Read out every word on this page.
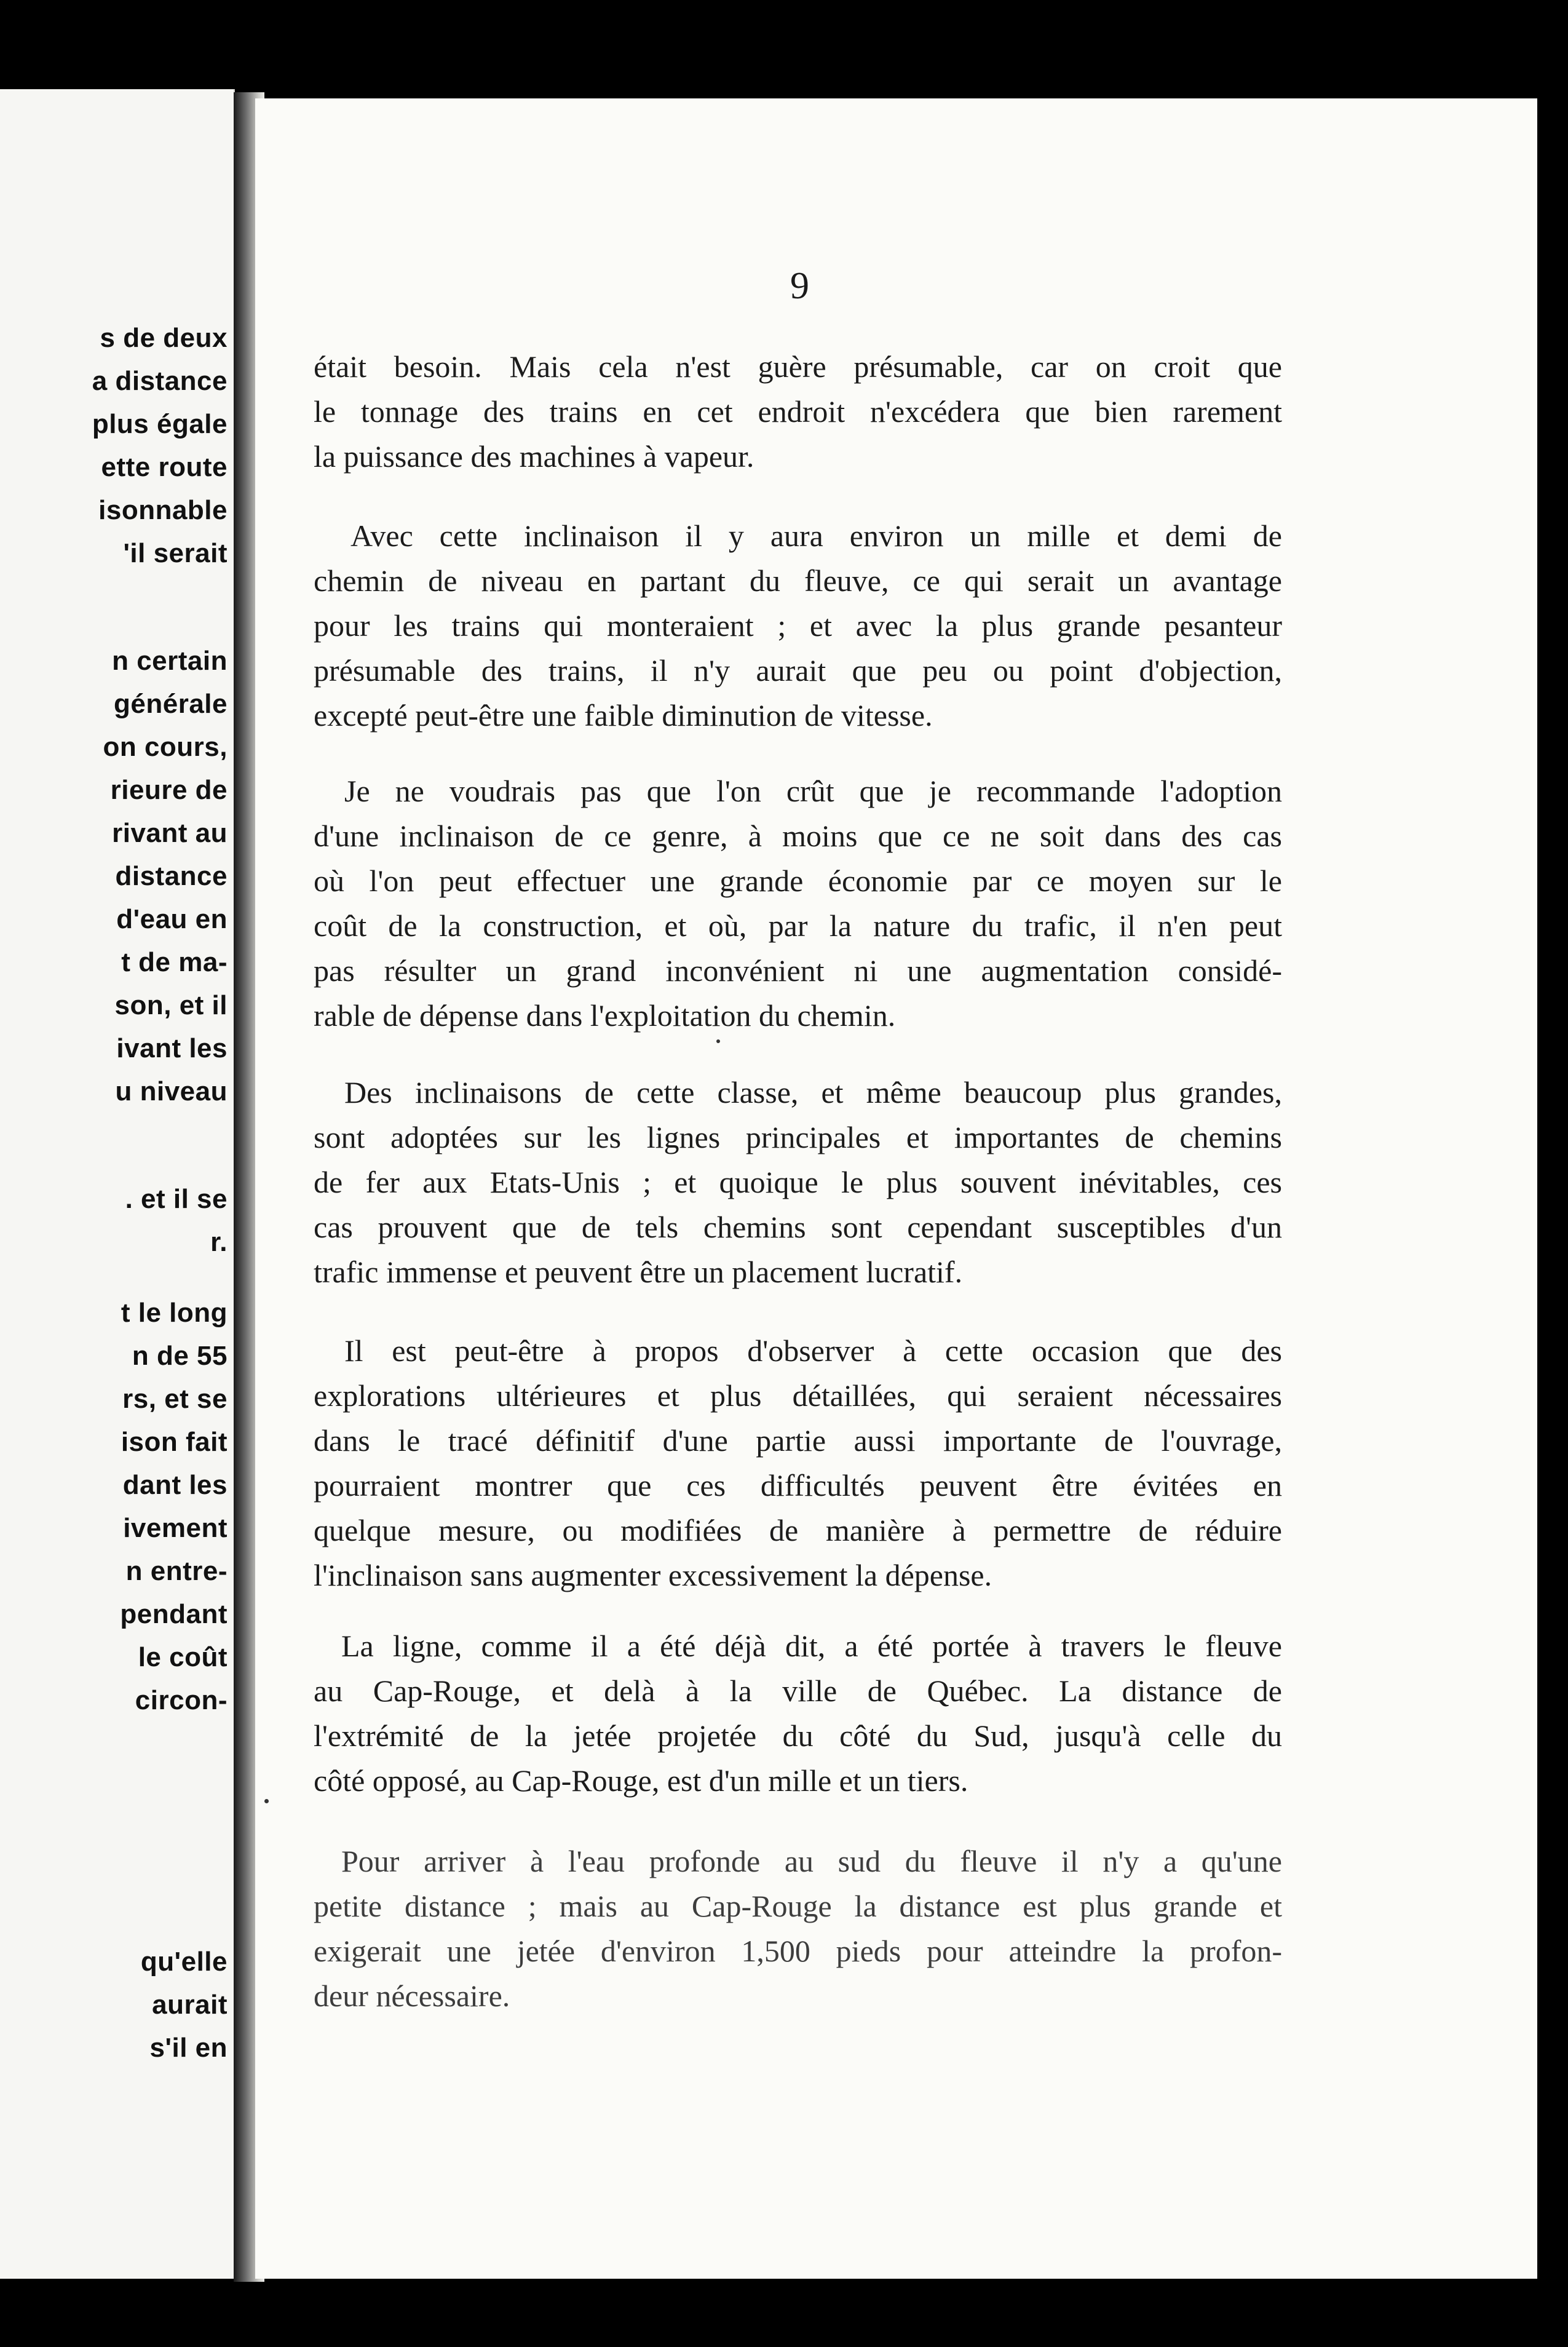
s de deux
a distance
plus égale
ette route
isonnable
'il serait
n certain
générale
on cours,
rieure de
rivant au
distance
d'eau en
t de ma-
son, et il
ivant les
u niveau
. et il se
r.
t le long
n de 55
rs, et se
ison fait
dant les
ivement
n entre-
pendant
le coût
circon-
qu'elle
aurait
s'il en
9

était besoin. Mais cela n'est guère présumable, car on croit que
le tonnage des trains en cet endroit n'excédera que bien rarement
la puissance des machines à vapeur.

Avec cette inclinaison il y aura environ un mille et demi de
chemin de niveau en partant du fleuve, ce qui serait un avantage
pour les trains qui monteraient ; et avec la plus grande pesanteur
présumable des trains, il n'y aurait que peu ou point d'objection,
excepté peut-être une faible diminution de vitesse.

Je ne voudrais pas que l'on crût que je recommande l'adoption
d'une inclinaison de ce genre, à moins que ce ne soit dans des cas
où l'on peut effectuer une grande économie par ce moyen sur le
coût de la construction, et où, par la nature du trafic, il n'en peut
pas résulter un grand inconvénient ni une augmentation considé-
rable de dépense dans l'exploitation du chemin.

Des inclinaisons de cette classe, et même beaucoup plus grandes,
sont adoptées sur les lignes principales et importantes de chemins
de fer aux Etats-Unis ; et quoique le plus souvent inévitables, ces
cas prouvent que de tels chemins sont cependant susceptibles d'un
trafic immense et peuvent être un placement lucratif.

Il est peut-être à propos d'observer à cette occasion que des
explorations ultérieures et plus détaillées, qui seraient nécessaires
dans le tracé définitif d'une partie aussi importante de l'ouvrage,
pourraient montrer que ces difficultés peuvent être évitées en
quelque mesure, ou modifiées de manière à permettre de réduire
l'inclinaison sans augmenter excessivement la dépense.

La ligne, comme il a été déjà dit, a été portée à travers le fleuve
au Cap-Rouge, et delà à la ville de Québec. La distance de
l'extrémité de la jetée projetée du côté du Sud, jusqu'à celle du
côté opposé, au Cap-Rouge, est d'un mille et un tiers.

Pour arriver à l'eau profonde au sud du fleuve il n'y a qu'une
petite distance ; mais au Cap-Rouge la distance est plus grande et
exigerait une jetée d'environ 1,500 pieds pour atteindre la profon-
deur nécessaire.
